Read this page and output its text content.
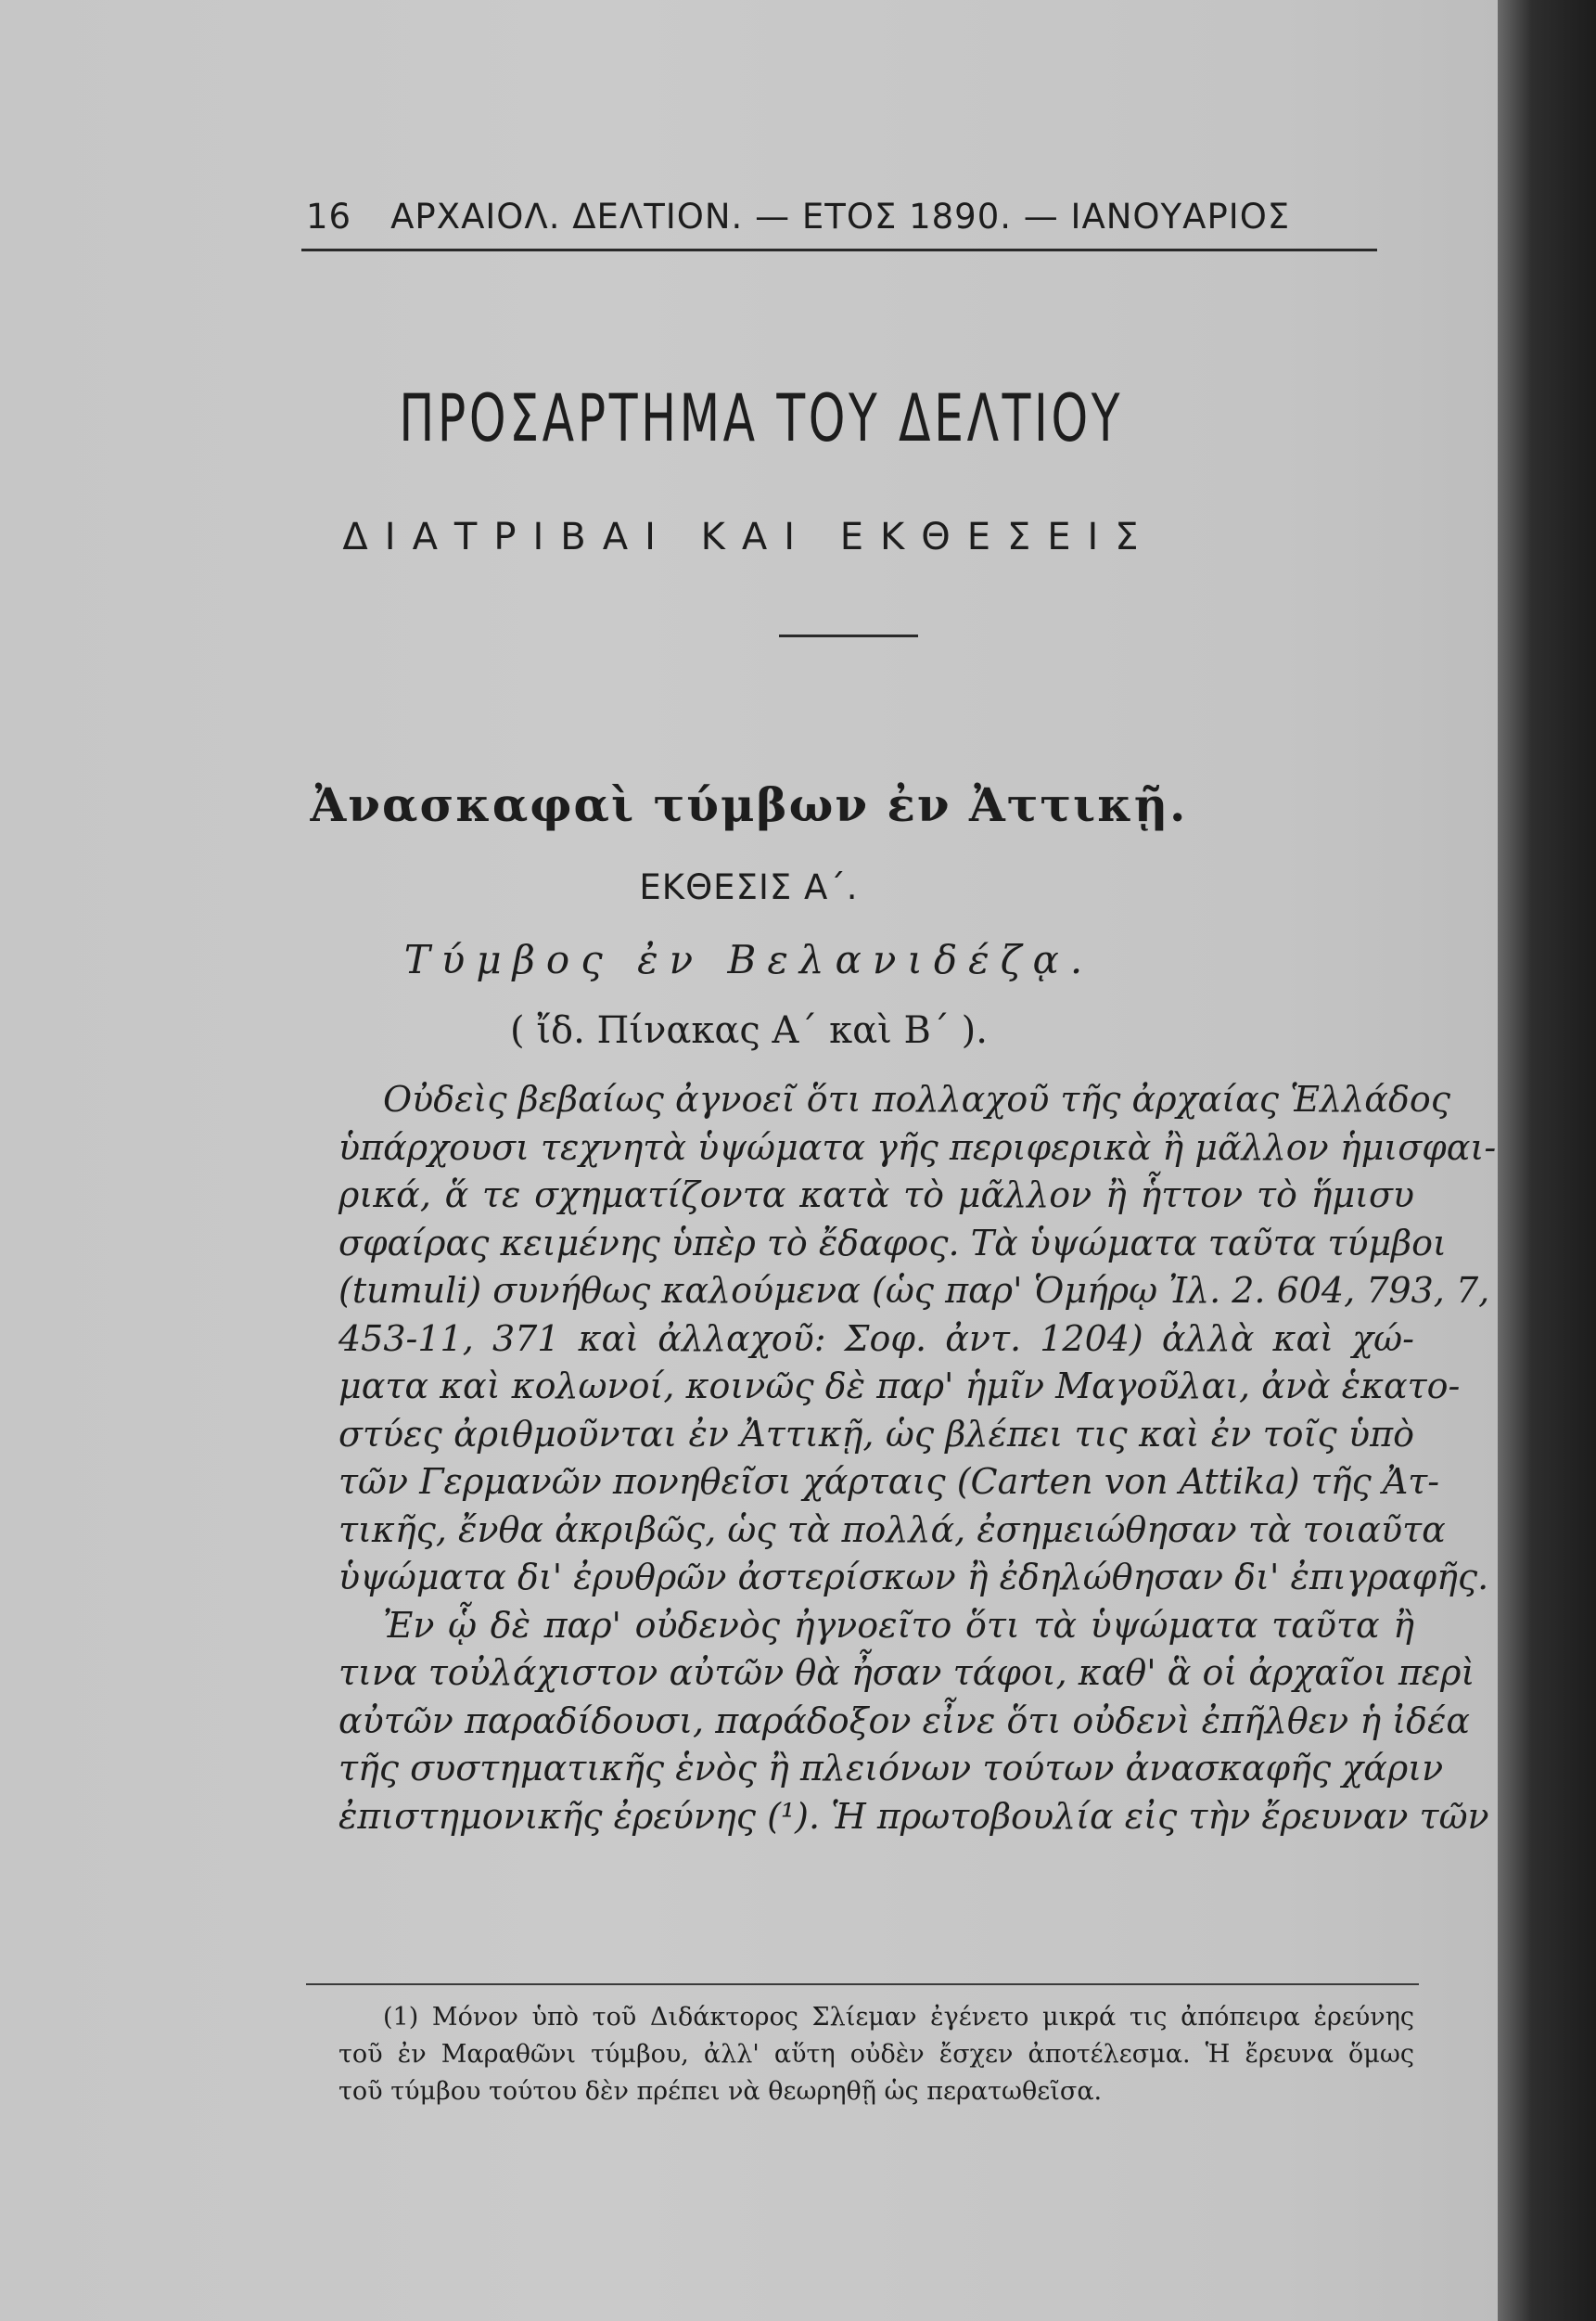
16 ΑΡΧΑΙΟΛ. ΔΕΛΤΙΟΝ. — ΕΤΟΣ 1890. — ΙΑΝΟΥΑΡΙΟΣ
ΠΡΟΣΑΡΤΗΜΑ ΤΟΥ ΔΕΛΤΙΟΥ
ΔΙΑΤΡΙΒΑΙ ΚΑΙ ΕΚΘΕΣΕΙΣ
Ἀνασκαφαὶ τύμβων ἐν Ἀττικῇ.
ΕΚΘΕΣΙΣ Α΄.
Τύμβος ἐν Βελανιδέζᾳ.
( ἴδ. Πίνακας Α΄ καὶ Β΄ ).
Οὐδεὶς βεβαίως ἀγνοεῖ ὅτι πολλαχοῦ τῆς ἀρχαίας Ἑλλάδος
ὑπάρχουσι τεχνητὰ ὑψώματα γῆς περιφερικὰ ἢ μᾶλλον ἡμισφαι-
ρικά, ἅ τε σχηματίζοντα κατὰ τὸ μᾶλλον ἢ ἧττον τὸ ἥμισυ
σφαίρας κειμένης ὑπὲρ τὸ ἔδαφος. Τὰ ὑψώματα ταῦτα τύμβοι
(tumuli) συνήθως καλούμενα (ὡς παρ' Ὁμήρῳ Ἰλ. 2. 604, 793, 7,
453-11, 371 καὶ ἀλλαχοῦ: Σοφ. ἀντ. 1204) ἀλλὰ καὶ χώ-
ματα καὶ κολωνοί, κοινῶς δὲ παρ' ἡμῖν Μαγοῦλαι, ἀνὰ ἑκατο-
στύες ἀριθμοῦνται ἐν Ἀττικῇ, ὡς βλέπει τις καὶ ἐν τοῖς ὑπὸ
τῶν Γερμανῶν πονηθεῖσι χάρταις (Carten von Attika) τῆς Ἀτ-
τικῆς, ἔνθα ἀκριβῶς, ὡς τὰ πολλά, ἐσημειώθησαν τὰ τοιαῦτα
ὑψώματα δι' ἐρυθρῶν ἀστερίσκων ἢ ἐδηλώθησαν δι' ἐπιγραφῆς.
Ἐν ᾧ δὲ παρ' οὐδενὸς ἠγνοεῖτο ὅτι τὰ ὑψώματα ταῦτα ἢ
τινα τοὐλάχιστον αὐτῶν θὰ ἦσαν τάφοι, καθ' ἃ οἱ ἀρχαῖοι περὶ
αὐτῶν παραδίδουσι, παράδοξον εἶνε ὅτι οὐδενὶ ἐπῆλθεν ἡ ἰδέα
τῆς συστηματικῆς ἑνὸς ἢ πλειόνων τούτων ἀνασκαφῆς χάριν
ἐπιστημονικῆς ἐρεύνης (¹). Ἡ πρωτοβουλία εἰς τὴν ἔρευναν τῶν
(1) Μόνον ὑπὸ τοῦ Διδάκτορος Σλίεμαν ἐγένετο μικρά τις ἀπόπειρα ἐρεύνης
τοῦ ἐν Μαραθῶνι τύμβου, ἀλλ' αὕτη οὐδὲν ἔσχεν ἀποτέλεσμα. Ἡ ἔρευνα ὅμως
τοῦ τύμβου τούτου δὲν πρέπει νὰ θεωρηθῇ ὡς περατωθεῖσα.
